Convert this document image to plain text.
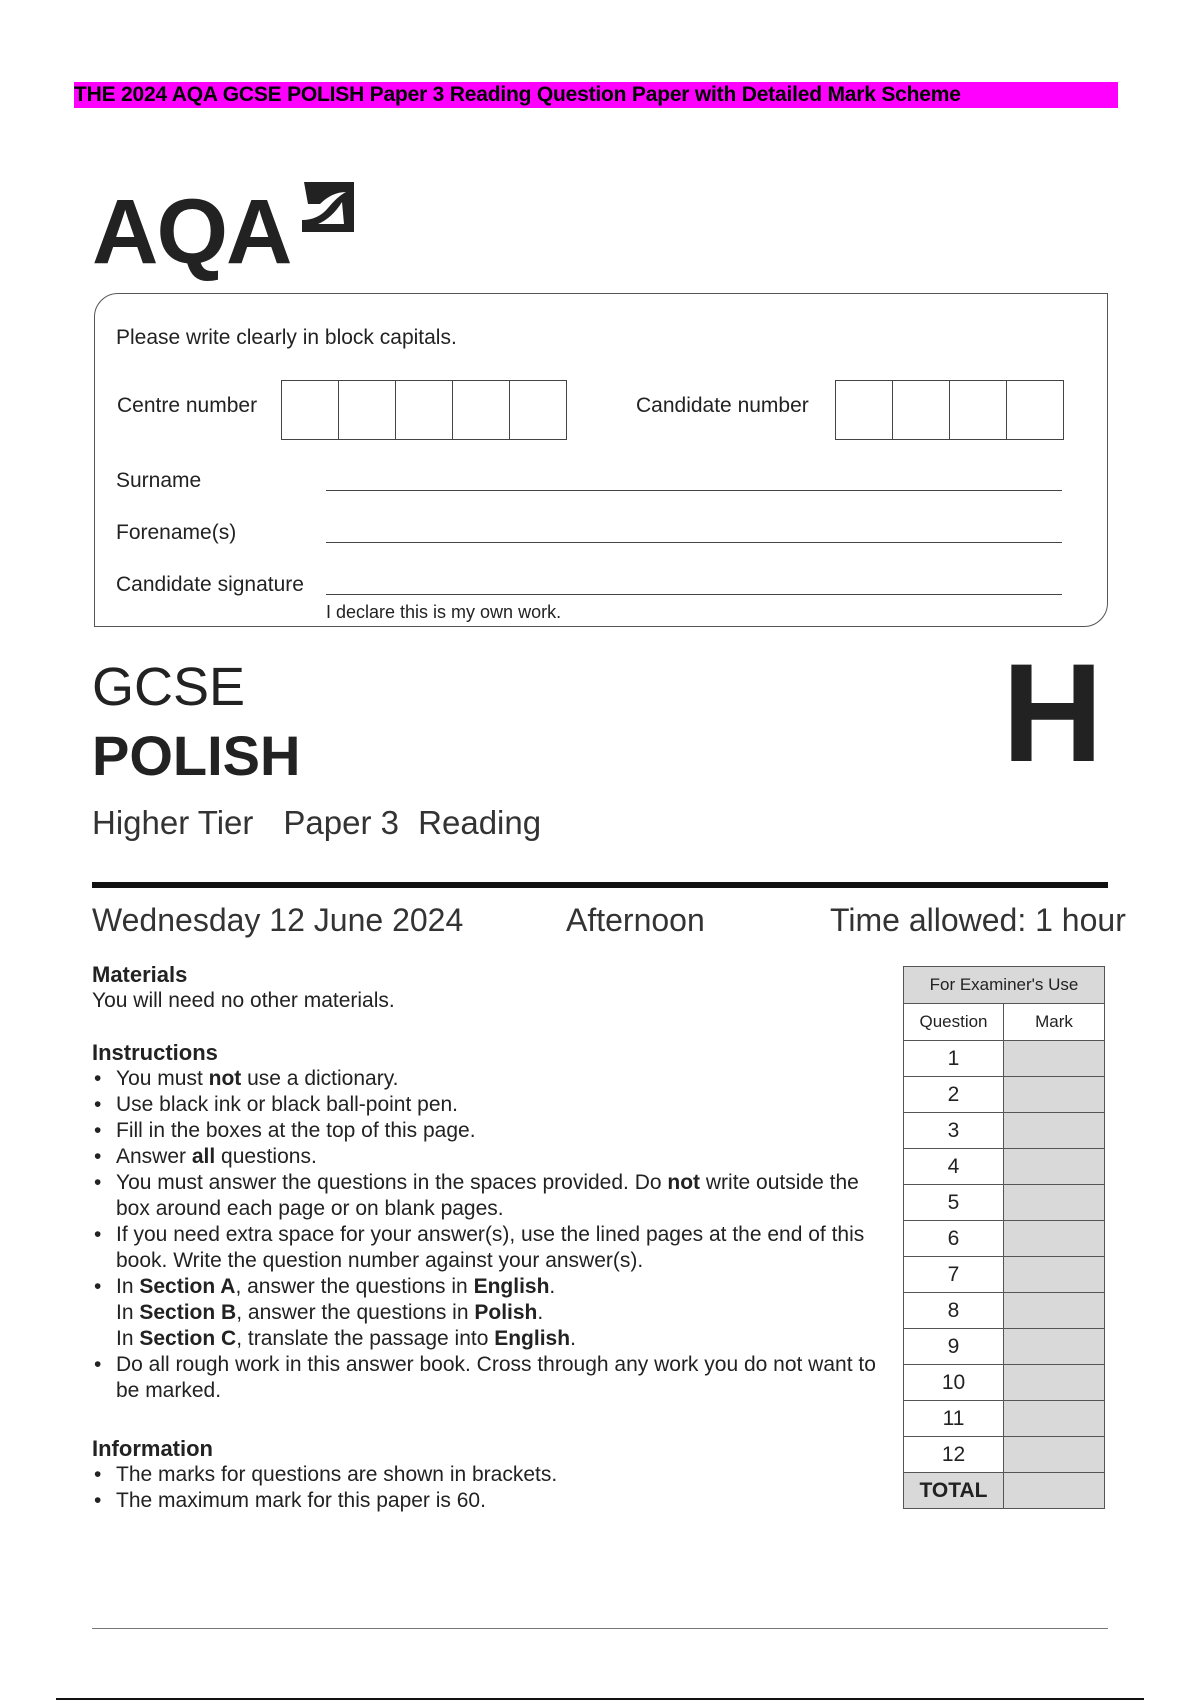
THE 2024 AQA GCSE POLISH Paper 3 Reading Question Paper with Detailed Mark Scheme
AQA
Please write clearly in block capitals.
Centre number	Candidate number
Surname
Forename(s)
Candidate signature
I declare this is my own work.
GCSE
POLISH	H
Higher Tier Paper 3 Reading
Wednesday 12 June 2024	Afternoon	Time allowed: 1 hour
Materials
You will need no other materials.
Instructions
• You must not use a dictionary.
• Use black ink or black ball-point pen.
• Fill in the boxes at the top of this page.
• Answer all questions.
• You must answer the questions in the spaces provided. Do not write outside the box around each page or on blank pages.
• If you need extra space for your answer(s), use the lined pages at the end of this book. Write the question number against your answer(s).
• In Section A, answer the questions in English.
In Section B, answer the questions in Polish.
In Section C, translate the passage into English.
• Do all rough work in this answer book. Cross through any work you do not want to be marked.
Information
• The marks for questions are shown in brackets.
• The maximum mark for this paper is 60.
For Examiner's Use	
Question	Mark
1	
2	
3	
4	
5	
6	
7	
8	
9	
10	
11	
12	
TOTAL	
